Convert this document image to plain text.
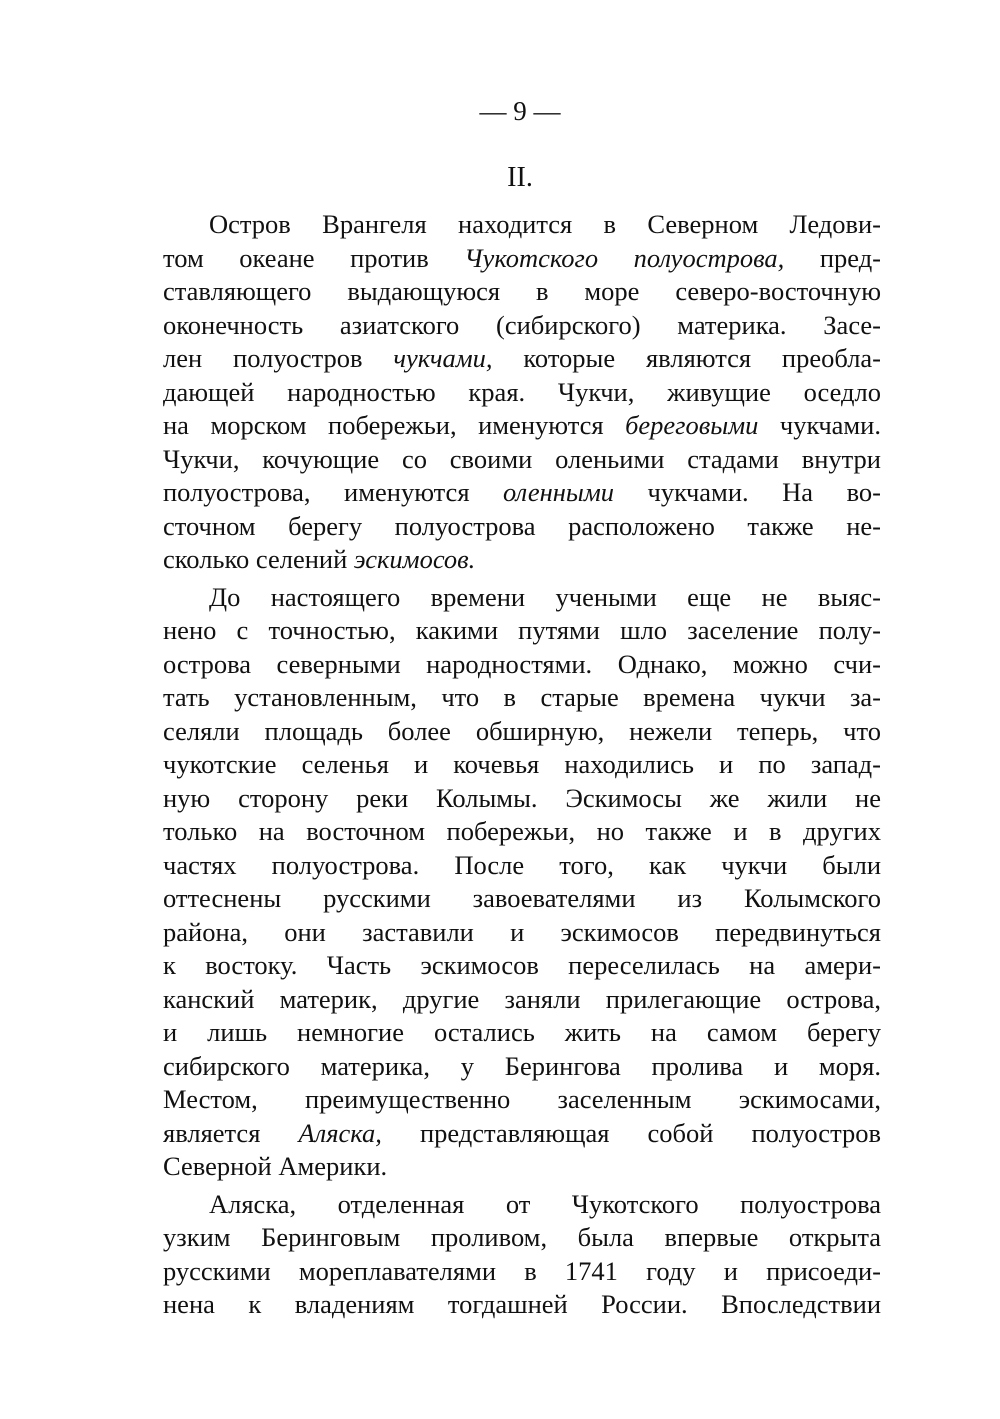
— 9 —
II.
Остров Врангеля находится в Северном Ледови-
том океане против Чукотского полуострова, пред-
ставляющего выдающуюся в море северо-восточную
оконечность азиатского (сибирского) материка. Засе-
лен полуостров чукчами, которые являются преобла-
дающей народностью края. Чукчи, живущие оседло
на морском побережьи, именуются береговыми чукчами.
Чукчи, кочующие со своими оленьими стадами внутри
полуострова, именуются оленными чукчами. На во-
сточном берегу полуострова расположено также не-
сколько селений эскимосов.
До настоящего времени учеными еще не выяс-
нено с точностью, какими путями шло заселение полу-
острова северными народностями. Однако, можно счи-
тать установленным, что в старые времена чукчи за-
селяли площадь более обширную, нежели теперь, что
чукотские селенья и кочевья находились и по запад-
ную сторону реки Колымы. Эскимосы же жили не
только на восточном побережьи, но также и в других
частях полуострова. После того, как чукчи были
оттеснены русскими завоевателями из Колымского
района, они заставили и эскимосов передвинуться
к востоку. Часть эскимосов переселилась на амери-
канский материк, другие заняли прилегающие острова,
и лишь немногие остались жить на самом берегу
сибирского материка, у Берингова пролива и моря.
Местом, преимущественно заселенным эскимосами,
является Аляска, представляющая собой полуостров
Северной Америки.
Аляска, отделенная от Чукотского полуострова
узким Беринговым проливом, была впервые открыта
русскими мореплавателями в 1741 году и присоеди-
нена к владениям тогдашней России. Впоследствии
